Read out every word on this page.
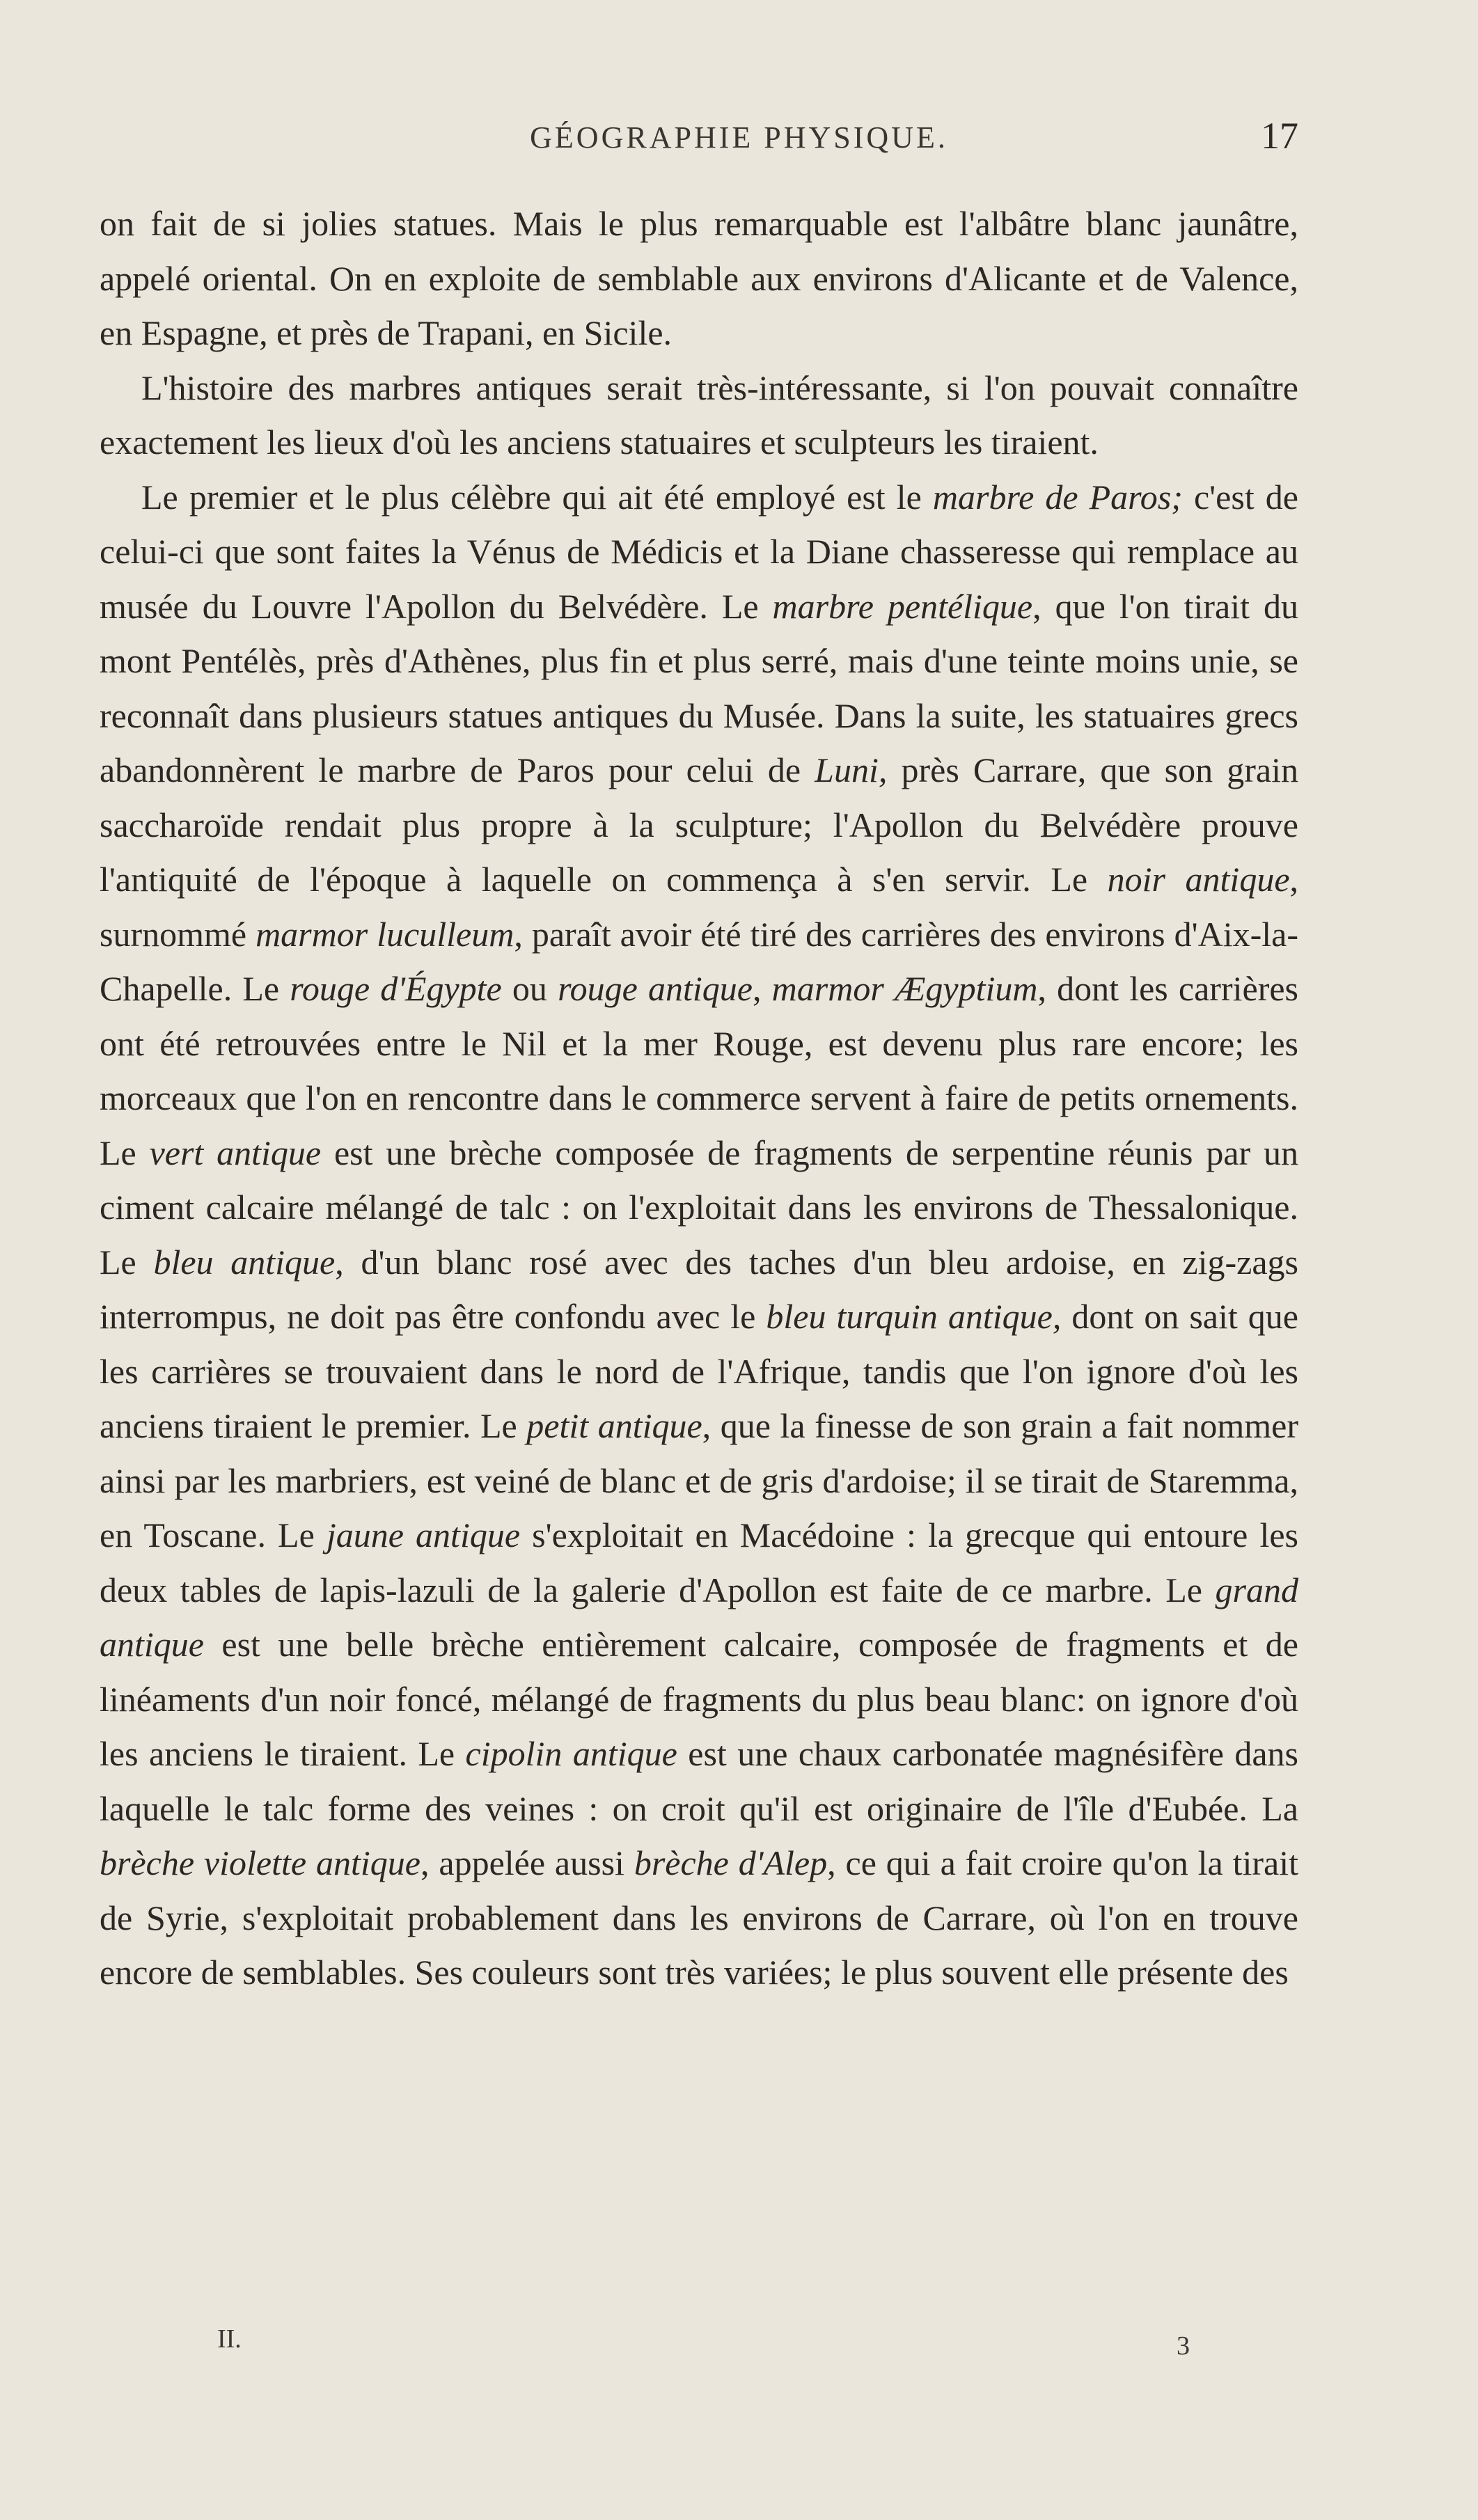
GÉOGRAPHIE PHYSIQUE.	17

on fait de si jolies statues. Mais le plus remarquable est l'albâtre blanc jaunâtre, appelé oriental. On en exploite de semblable aux environs d'Alicante et de Valence, en Espagne, et près de Trapani, en Sicile.

L'histoire des marbres antiques serait très-intéressante, si l'on pouvait connaître exactement les lieux d'où les anciens statuaires et sculpteurs les tiraient.

Le premier et le plus célèbre qui ait été employé est le marbre de Paros; c'est de celui-ci que sont faites la Vénus de Médicis et la Diane chasseresse qui remplace au musée du Louvre l'Apollon du Belvédère. Le marbre pentélique, que l'on tirait du mont Pentélès, près d'Athènes, plus fin et plus serré, mais d'une teinte moins unie, se reconnaît dans plusieurs statues antiques du Musée. Dans la suite, les statuaires grecs abandonnèrent le marbre de Paros pour celui de Luni, près Carrare, que son grain saccharoïde rendait plus propre à la sculpture; l'Apollon du Belvédère prouve l'antiquité de l'époque à laquelle on commença à s'en servir. Le noir antique, surnommé marmor luculleum, paraît avoir été tiré des carrières des environs d'Aix-la-Chapelle. Le rouge d'Égypte ou rouge antique, marmor Ægyptium, dont les carrières ont été retrouvées entre le Nil et la mer Rouge, est devenu plus rare encore; les morceaux que l'on en rencontre dans le commerce servent à faire de petits ornements. Le vert antique est une brèche composée de fragments de serpentine réunis par un ciment calcaire mélangé de talc : on l'exploitait dans les environs de Thessalonique. Le bleu antique, d'un blanc rosé avec des taches d'un bleu ardoise, en zig-zags interrompus, ne doit pas être confondu avec le bleu turquin antique, dont on sait que les carrières se trouvaient dans le nord de l'Afrique, tandis que l'on ignore d'où les anciens tiraient le premier. Le petit antique, que la finesse de son grain a fait nommer ainsi par les marbriers, est veiné de blanc et de gris d'ardoise; il se tirait de Staremma, en Toscane. Le jaune antique s'exploitait en Macédoine : la grecque qui entoure les deux tables de lapis-lazuli de la galerie d'Apollon est faite de ce marbre. Le grand antique est une belle brèche entièrement calcaire, composée de fragments et de linéaments d'un noir foncé, mélangé de fragments du plus beau blanc: on ignore d'où les anciens le tiraient. Le cipolin antique est une chaux carbonatée magnésifère dans laquelle le talc forme des veines : on croit qu'il est originaire de l'île d'Eubée. La brèche violette antique, appelée aussi brèche d'Alep, ce qui a fait croire qu'on la tirait de Syrie, s'exploitait probablement dans les environs de Carrare, où l'on en trouve encore de semblables. Ses couleurs sont très variées; le plus souvent elle présente des

II.	3
